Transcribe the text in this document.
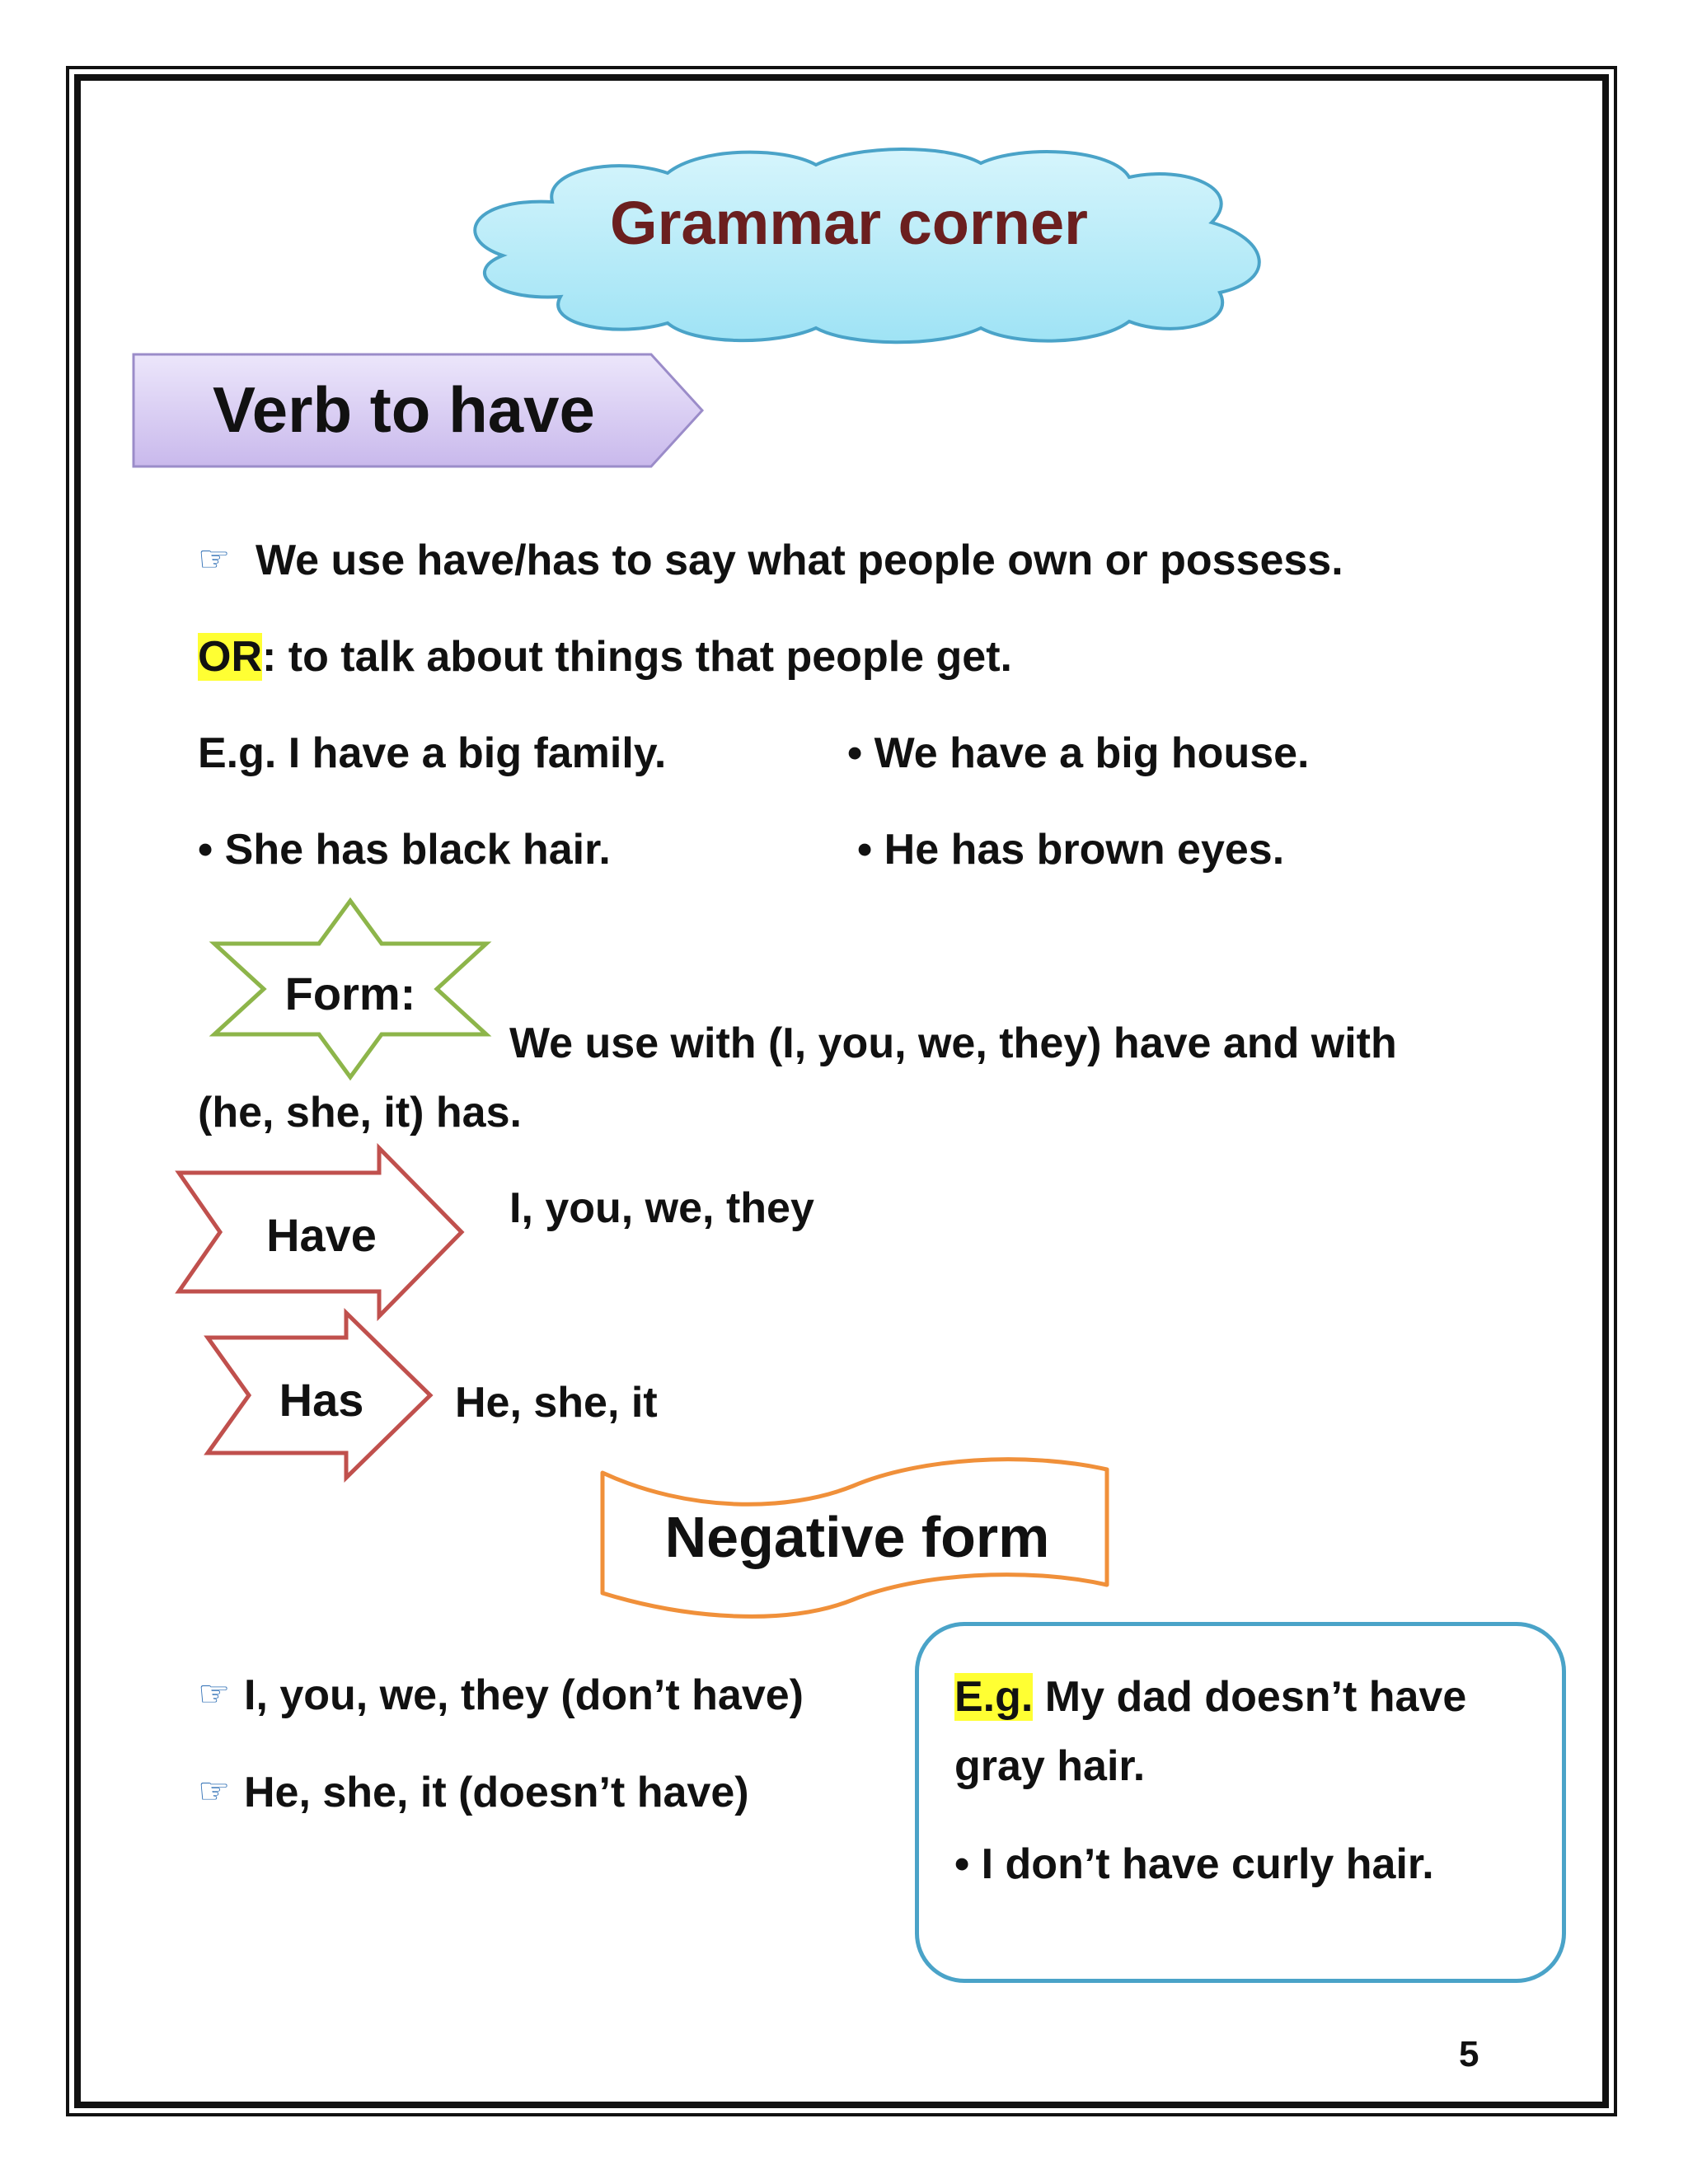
Grammar corner
Verb to have
☞ We use have/has to say what people own or possess.
OR: to talk about things that people get.
E.g. I have a big family.	• We have a big house.
• She has black hair.	• He has brown eyes.
Form:
We use with (I, you, we, they) have and with
(he, she, it) has.
Have
I, you, we, they
Has	He, she, it
Negative form
☞ I, you, we, they (don’t have)
☞ He, she, it (doesn’t have)
E.g. My dad doesn’t have
gray hair.
• I don’t have curly hair.
5
